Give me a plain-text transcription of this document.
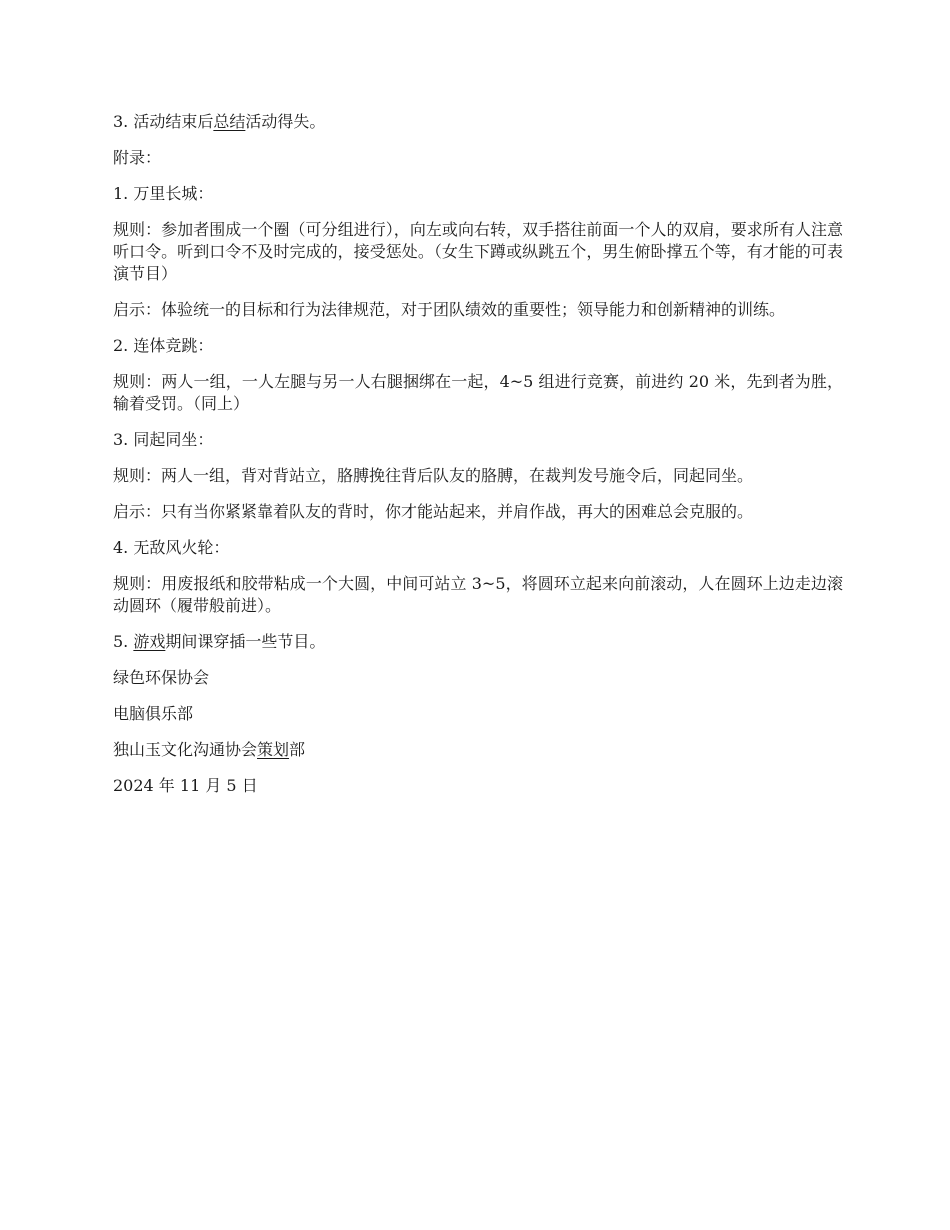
3. 活动结束后总结活动得失。

附录：

1. 万里长城：

规则：参加者围成一个圈（可分组进行），向左或向右转，双手搭往前面一个人的双肩，要求所有人注意听口令。听到口令不及时完成的，接受惩处。（女生下蹲或纵跳五个，男生俯卧撑五个等，有才能的可表演节目）

启示：体验统一的目标和行为法律规范，对于团队绩效的重要性；领导能力和创新精神的训练。

2. 连体竞跳：

规则：两人一组，一人左腿与另一人右腿捆绑在一起，4~5 组进行竞赛，前进约 20 米，先到者为胜，输着受罚。（同上）

3. 同起同坐：

规则：两人一组，背对背站立，胳膊挽往背后队友的胳膊，在裁判发号施令后，同起同坐。

启示：只有当你紧紧靠着队友的背时，你才能站起来，并肩作战，再大的困难总会克服的。

4. 无敌风火轮：

规则：用废报纸和胶带粘成一个大圆，中间可站立 3~5，将圆环立起来向前滚动，人在圆环上边走边滚动圆环（履带般前进）。

5. 游戏期间课穿插一些节目。

绿色环保协会

电脑俱乐部

独山玉文化沟通协会策划部

2024 年 11 月 5 日
